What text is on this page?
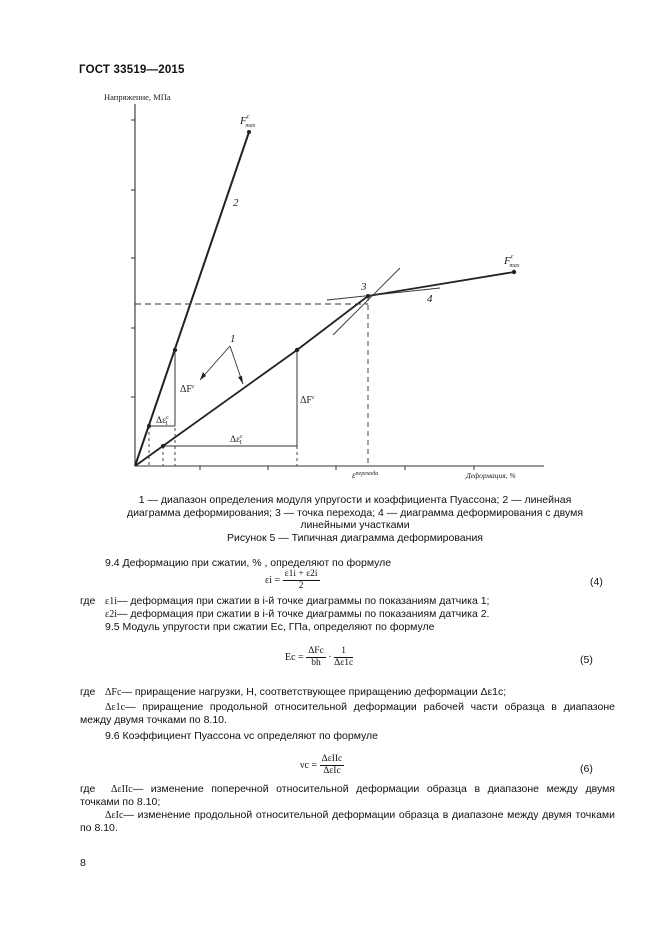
ГОСТ 33519—2015
Напряжение, МПа
Деформация, %
$F^c$ max
$F^c$ max
1
2
3
4
$\Delta F^c$
$\Delta F^c$
$\Delta\varepsilon^c$ I
$\Delta\varepsilon^c$ I
$\varepsilon^{перехода}$
1 — диапазон определения модуля упругости и коэффициента Пуассона; 2 — линейная
диаграмма деформирования; 3 — точка перехода; 4 — диаграмма деформирования с двумя
линейными участками
Рисунок 5 — Типичная диаграмма деформирования
9.4 Деформацию при сжатии, % , определяют по формуле
$\varepsilon i = \frac{\varepsilon 1i + \varepsilon 2i}{2}$	(4)
где ε1i— деформация при сжатии в i-й точке диаграммы по показаниям датчика 1;
ε2i— деформация при сжатии в i-й точке диаграммы по показаниям датчика 2.
9.5 Модуль упругости при сжатии Ec, ГПа, определяют по формуле
$Ec = \frac{\text{ΔFc}}{bh} \cdot \frac{1}{\Delta\varepsilon 1c}$	(5)
где ΔFc— приращение нагрузки, Н, соответствующее приращению деформации Δε1c;
Δε1c— приращение продольной относительной деформации рабочей части образца в диапазоне между двумя точками по 8.10.
9.6 Коэффициент Пуассона νc определяют по формуле
$\nu c = \frac{\text{ΔεIIc}}{\text{ΔεIc}}$	(6)
где	ΔεIIc— изменение поперечной относительной деформации образца в диапазоне между двумя точками по 8.10;
ΔεIc— изменение продольной относительной деформации образца в диапазоне между двумя точками по 8.10.
8
